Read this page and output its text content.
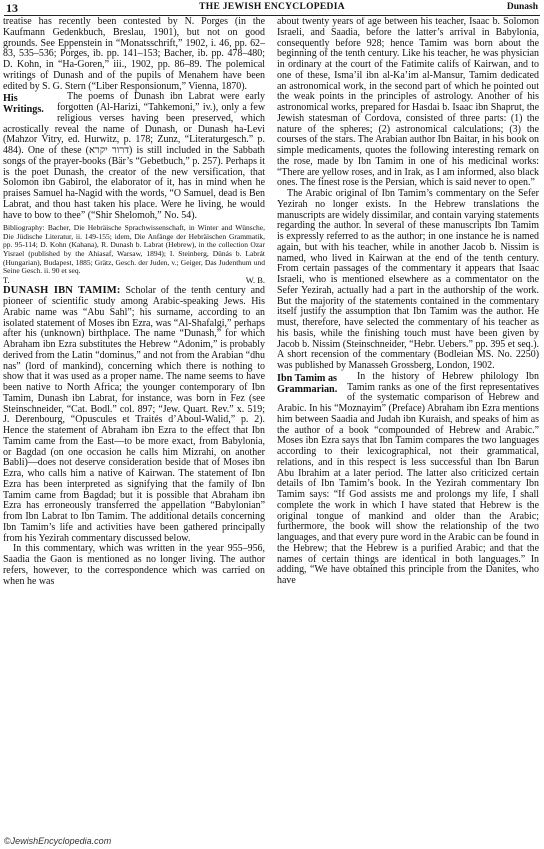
13	THE JEWISH ENCYCLOPEDIA	Dunash

treatise has recently been contested by N. Porges (in the Kaufmann Gedenkbuch, Breslau, 1901), but not on good grounds. See Eppenstein in “Monatsschrift,” 1902, i. 46, pp. 62–83, 535–536; Porges, ib. pp. 141–153; Bacher, ib. pp. 478–480; D. Kohn, in “Ha-Goren,” iii., 1902, pp. 86–89. The polemical writings of Dunash and of the pupils of Menahem have been edited by S. G. Stern (“Liber Responsionum,” Vienna, 1870).

His Writings.

The poems of Dunash ibn Labrat were early forgotten (Al-Harizi, “Tahkemoni,” iv.), only a few religious verses having been preserved, which acrostically reveal the name of Dunash, or Dunash ha-Levi (Mahzor Vitry, ed. Hurwitz, p. 178; Zunz, “Literaturgesch.” p. 484). One of these (דרור יקרא) is still included in the Sabbath songs of the prayer-books (Bär’s “Gebetbuch,” p. 257). Perhaps it is the poet Dunash, the creator of the new versification, that Solomon ibn Gabirol, the elaborator of it, has in mind when he praises Samuel ha-Nagid with the words, “O Samuel, dead is Ben Labrat, and thou hast taken his place. Were he living, he would have to bow to thee” (“Shir Shelomoh,” No. 54).

Bibliography: Bacher, Die Hebräische Sprachwissenschaft, in Winter and Wünsche, Die Jüdische Literatur, ii. 149-155; idem, Die Anfänge der Hebräischen Grammatik, pp. 95-114; D. Kohn (Kahana), R. Dunash b. Labrat (Hebrew), in the collection Ozar Yisrael (published by the Ahiasaf, Warsaw, 1894); I. Steinberg, Dünás b. Labrát (Hungarian), Budapest, 1885; Grätz, Gesch. der Juden, v.; Geiger, Das Judenthum und Seine Gesch. ii. 90 et seq.

T.	W. B.

DUNASH IBN TAMIM: Scholar of the tenth century and pioneer of scientific study among Arabic-speaking Jews. His Arabic name was “Abu Sahl”; his surname, according to an isolated statement of Moses ibn Ezra, was “Al-Shafalgi,” perhaps after his (unknown) birthplace. The name “Dunash,” for which Abraham ibn Ezra substitutes the Hebrew “Adonim,” is probably derived from the Latin “dominus,” and not from the Arabian “dhu nas” (lord of mankind), concerning which there is nothing to show that it was used as a proper name. The name seems to have been native to North Africa; the younger contemporary of Ibn Tamim, Dunash ibn Labrat, for instance, was born in Fez (see Steinschneider, “Cat. Bodl.” col. 897; “Jew. Quart. Rev.” x. 519; J. Derenbourg, “Opuscules et Traités d’Aboul-Walid,” p. 2). Hence the statement of Abraham ibn Ezra to the effect that Ibn Tamim came from the East—to be more exact, from Babylonia, or Bagdad (on one occasion he calls him Mizrahi, on another Babli)—does not deserve consideration beside that of Moses ibn Ezra, who calls him a native of Kairwan. The statement of Ibn Ezra has been interpreted as signifying that the family of Ibn Tamim came from Bagdad; but it is possible that Abraham ibn Ezra has erroneously transferred the appellation “Babylonian” from Ibn Labrat to Ibn Tamim. The additional details concerning Ibn Tamim’s life and activities have been gathered principally from his Yezirah commentary discussed below.

In this commentary, which was written in the year 955–956, Saadia the Gaon is mentioned as no longer living. The author refers, however, to the correspondence which was carried on when he was

about twenty years of age between his teacher, Isaac b. Solomon Israeli, and Saadia, before the latter’s arrival in Babylonia, consequently before 928; hence Tamim was born about the beginning of the tenth century. Like his teacher, he was physician in ordinary at the court of the Fatimite califs of Kairwan, and to one of these, Isma’il ibn al-Ka’im al-Mansur, Tamim dedicated an astronomical work, in the second part of which he pointed out the weak points in the principles of astrology. Another of his astronomical works, prepared for Hasdai b. Isaac ibn Shaprut, the Jewish statesman of Cordova, consisted of three parts: (1) the nature of the spheres; (2) astronomical calculations; (3) the courses of the stars. The Arabian author Ibn Baitar, in his book on simple medicaments, quotes the following interesting remark on the rose, made by Ibn Tamim in one of his medicinal works: “There are yellow roses, and in Irak, as I am informed, also black ones. The finest rose is the Persian, which is said never to open.”

The Arabic original of Ibn Tamim’s commentary on the Sefer Yezirah no longer exists. In the Hebrew translations the manuscripts are widely dissimilar, and contain varying statements regarding the author. In several of these manuscripts Ibn Tamim is expressly referred to as the author; in one instance he is named again, but with his teacher, while in another Jacob b. Nissim is named, who lived in Kairwan at the end of the tenth century. From certain passages of the commentary it appears that Isaac Israeli, who is mentioned elsewhere as a commentator on the Sefer Yezirah, actually had a part in the authorship of the work. But the majority of the statements contained in the commentary itself justify the assumption that Ibn Tamim was the author. He must, therefore, have selected the commentary of his teacher as his basis, while the finishing touch must have been given by Jacob b. Nissim (Steinschneider, “Hebr. Uebers.” pp. 395 et seq.). A short recension of the commentary (Bodleian MS. No. 2250) was published by Manasseh Grossberg, London, 1902.

Ibn Tamim as Grammarian.

In the history of Hebrew philology Ibn Tamim ranks as one of the first representatives of the systematic comparison of Hebrew and Arabic. In his “Moznayim” (Preface) Abraham ibn Ezra mentions him between Saadia and Judah ibn Kuraish, and speaks of him as the author of a book “compounded of Hebrew and Arabic.” Moses ibn Ezra says that Ibn Tamim compares the two languages according to their lexicographical, not their grammatical, relations, and in this respect is less successful than Ibn Barun Abu Ibrahim at a later period. The latter also criticized certain details of Ibn Tamim’s book. In the Yezirah commentary Ibn Tamim says: “If God assists me and prolongs my life, I shall complete the work in which I have stated that Hebrew is the original tongue of mankind and older than the Arabic; furthermore, the book will show the relationship of the two languages, and that every pure word in the Arabic can be found in the Hebrew; that the Hebrew is a purified Arabic; and that the names of certain things are identical in both languages.” In adding, “We have obtained this principle from the Danites, who have

©JewishEncyclopedia.com
